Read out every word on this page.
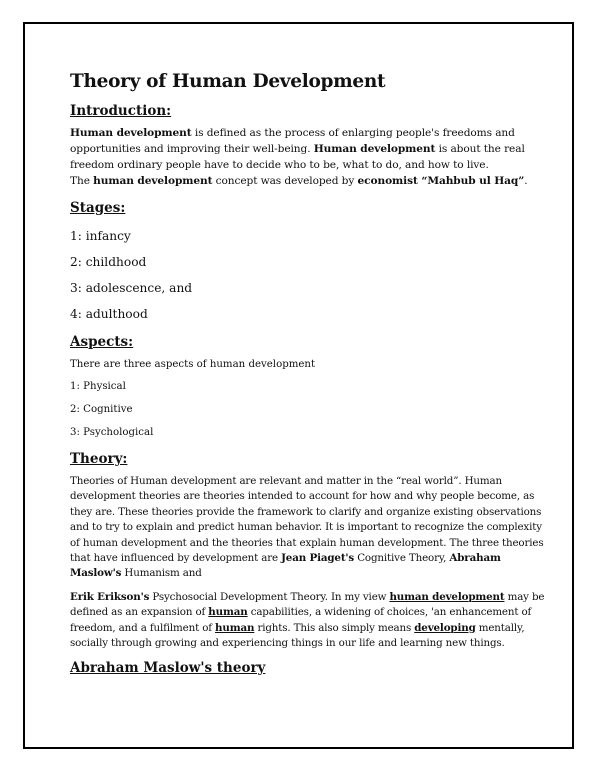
Theory of Human Development
Introduction:

Human development is defined as the process of enlarging people's freedoms and opportunities and improving their well-being. Human development is about the real freedom ordinary people have to decide who to be, what to do, and how to live.

The human development concept was developed by economist “Mahbub ul Haq”.

Stages:
1: infancy
2: childhood
3: adolescence, and
4: adulthood
Aspects:

There are three aspects of human development

1: Physical
2: Cognitive
3: Psychological
Theory:

Theories of Human development are relevant and matter in the “real world”. Human development theories are theories intended to account for how and why people become, as they are. These theories provide the framework to clarify and organize existing observations and to try to explain and predict human behavior. It is important to recognize the complexity of human development and the theories that explain human development. The three theories that have influenced by development are Jean Piaget's Cognitive Theory, Abraham Maslow's Humanism and

Erik Erikson's Psychosocial Development Theory. In my view human development may be defined as an expansion of human capabilities, a widening of choices, 'an enhancement of freedom, and a fulfilment of human rights. This also simply means developing mentally, socially through growing and experiencing things in our life and learning new things.

Abraham Maslow's theory
